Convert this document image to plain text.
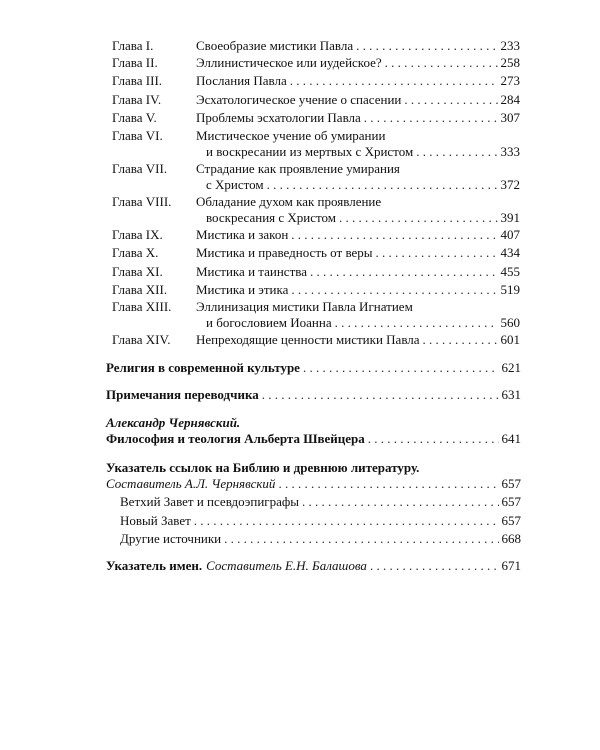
Глава I.	Своеобразие мистики Павла . . .	233
Глава II.	Эллинистическое или иудейское? . . .	258
Глава III.	Послания Павла . . .	273
Глава IV.	Эсхатологическое учение о спасении . . .	284
Глава V.	Проблемы эсхатологии Павла . . .	307
Глава VI.	Мистическое учение об умирании
и воскресании из мертвых с Христом . . .	333
Глава VII.	Страдание как проявление умирания
с Христом . . .	372
Глава VIII.	Обладание духом как проявление
воскресания с Христом . . .	391
Глава IX.	Мистика и закон . . .	407
Глава X.	Мистика и праведность от веры . . .	434
Глава XI.	Мистика и таинства . . .	455
Глава XII.	Мистика и этика . . .	519
Глава XIII.	Эллинизация мистики Павла Игнатием
и богословием Иоанна . . .	560
Глава XIV.	Непреходящие ценности мистики Павла . . .	601
Религия в современной культуре . . .	621
Примечания переводчика . . .	631
Александр Чернявский.
Философия и теология Альберта Швейцера . . .	641
Указатель ссылок на Библию и древнюю литературу.
Составитель А.Л. Чернявский . . .	657
Ветхий Завет и псевдоэпиграфы . . .	657
Новый Завет . . .	657
Другие источники . . .	668
Указатель имен. Составитель Е.Н. Балашова . . .	671
